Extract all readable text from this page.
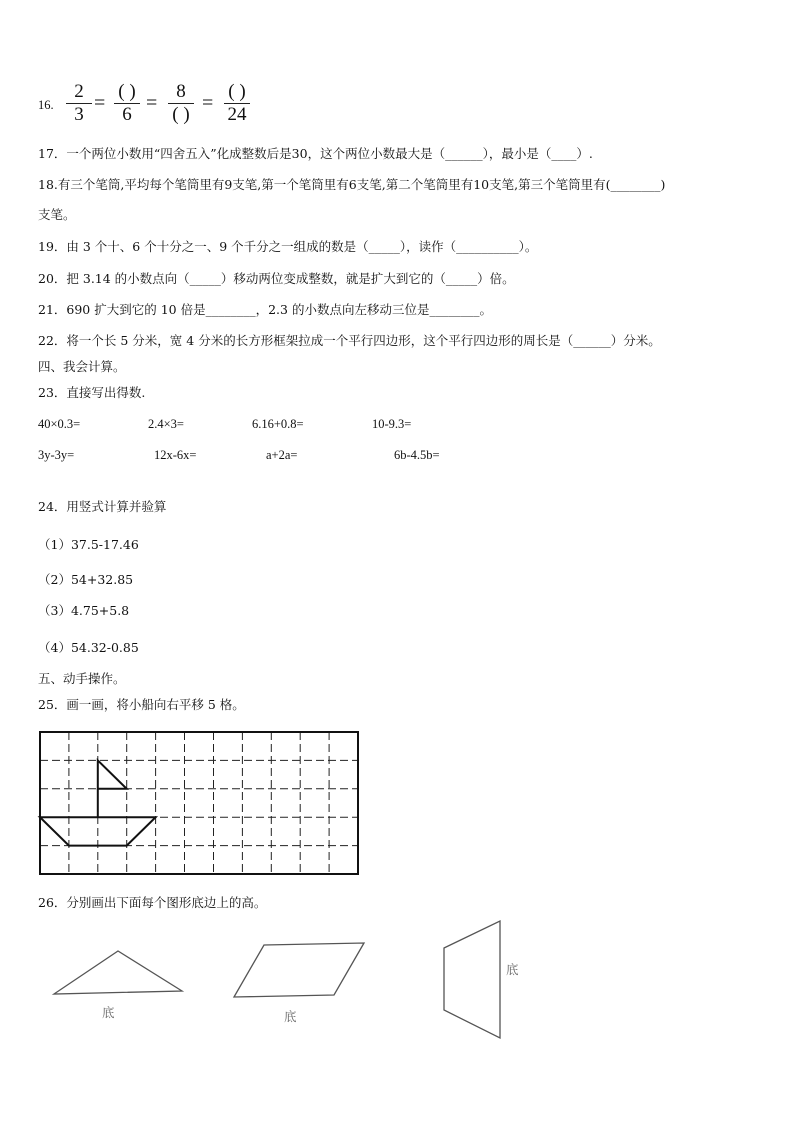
16.
2
3
=
( )
6
=
8
( )
=
( )
24
17．一个两位小数用“四舍五入”化成整数后是30，这个两位小数最大是（______），最小是（____）.
18.有三个笔筒,平均每个笔筒里有9支笔,第一个笔筒里有6支笔,第二个笔筒里有10支笔,第三个笔筒里有(________)
支笔。
19．由 3 个十、6 个十分之一、9 个千分之一组成的数是（_____），读作（__________）。
20．把 3.14 的小数点向（_____）移动两位变成整数，就是扩大到它的（_____）倍。
21．690 扩大到它的 10 倍是________，2.3 的小数点向左移动三位是________。
22．将一个长 5 分米，宽 4 分米的长方形框架拉成一个平行四边形，这个平行四边形的周长是（______）分米。
四、我会计算。
23．直接写出得数.
40×0.3=	2.4×3=	6.16+0.8=	10-9.3=
3y-3y=	12x-6x=	a+2a=	6b-4.5b=
24．用竖式计算并验算
（1）37.5-17.46
（2）54+32.85
（3）4.75+5.8
（4）54.32-0.85
五、动手操作。
25．画一画，将小船向右平移 5 格。
26．分别画出下面每个图形底边上的高。
底	底
底
